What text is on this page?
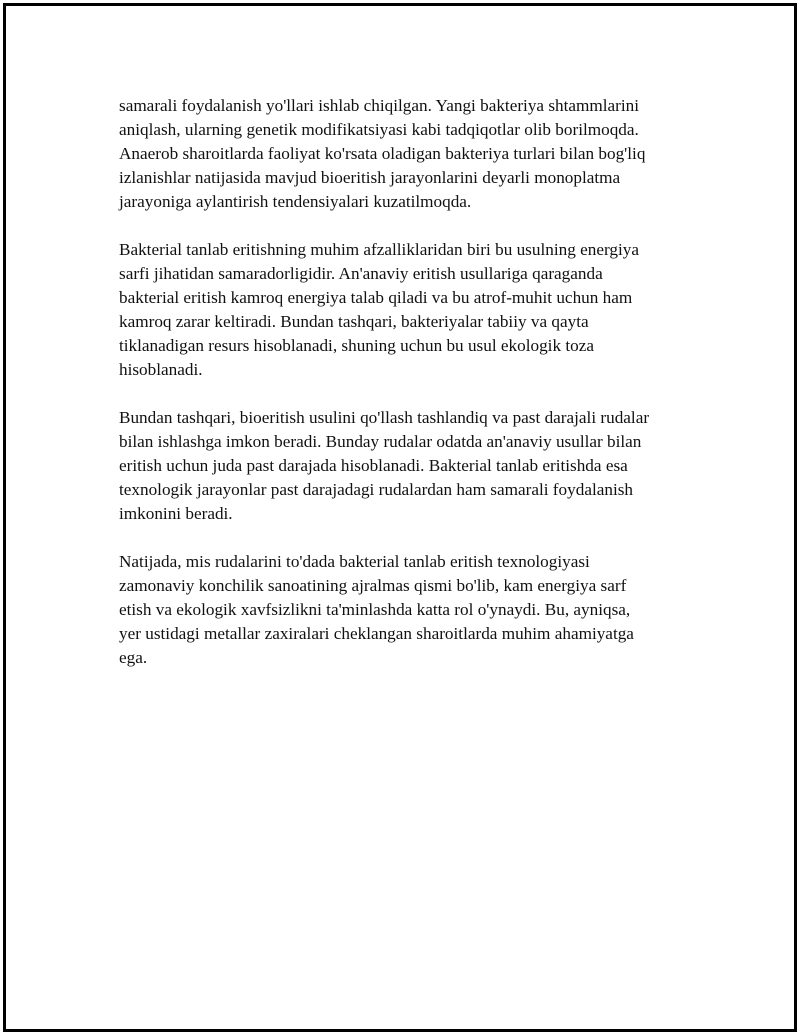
samarali foydalanish yo'llari ishlab chiqilgan. Yangi bakteriya shtammlarini
aniqlash, ularning genetik modifikatsiyasi kabi tadqiqotlar olib borilmoqda.
Anaerob sharoitlarda faoliyat ko'rsata oladigan bakteriya turlari bilan bog'liq
izlanishlar natijasida mavjud bioeritish jarayonlarini deyarli monoplatma
jarayoniga aylantirish tendensiyalari kuzatilmoqda.

Bakterial tanlab eritishning muhim afzalliklaridan biri bu usulning energiya
sarfi jihatidan samaradorligidir. An'anaviy eritish usullariga qaraganda
bakterial eritish kamroq energiya talab qiladi va bu atrof-muhit uchun ham
kamroq zarar keltiradi. Bundan tashqari, bakteriyalar tabiiy va qayta
tiklanadigan resurs hisoblanadi, shuning uchun bu usul ekologik toza
hisoblanadi.

Bundan tashqari, bioeritish usulini qo'llash tashlandiq va past darajali rudalar
bilan ishlashga imkon beradi. Bunday rudalar odatda an'anaviy usullar bilan
eritish uchun juda past darajada hisoblanadi. Bakterial tanlab eritishda esa
texnologik jarayonlar past darajadagi rudalardan ham samarali foydalanish
imkonini beradi.

Natijada, mis rudalarini to'dada bakterial tanlab eritish texnologiyasi
zamonaviy konchilik sanoatining ajralmas qismi bo'lib, kam energiya sarf
etish va ekologik xavfsizlikni ta'minlashda katta rol o'ynaydi. Bu, ayniqsa,
yer ustidagi metallar zaxiralari cheklangan sharoitlarda muhim ahamiyatga
ega.
